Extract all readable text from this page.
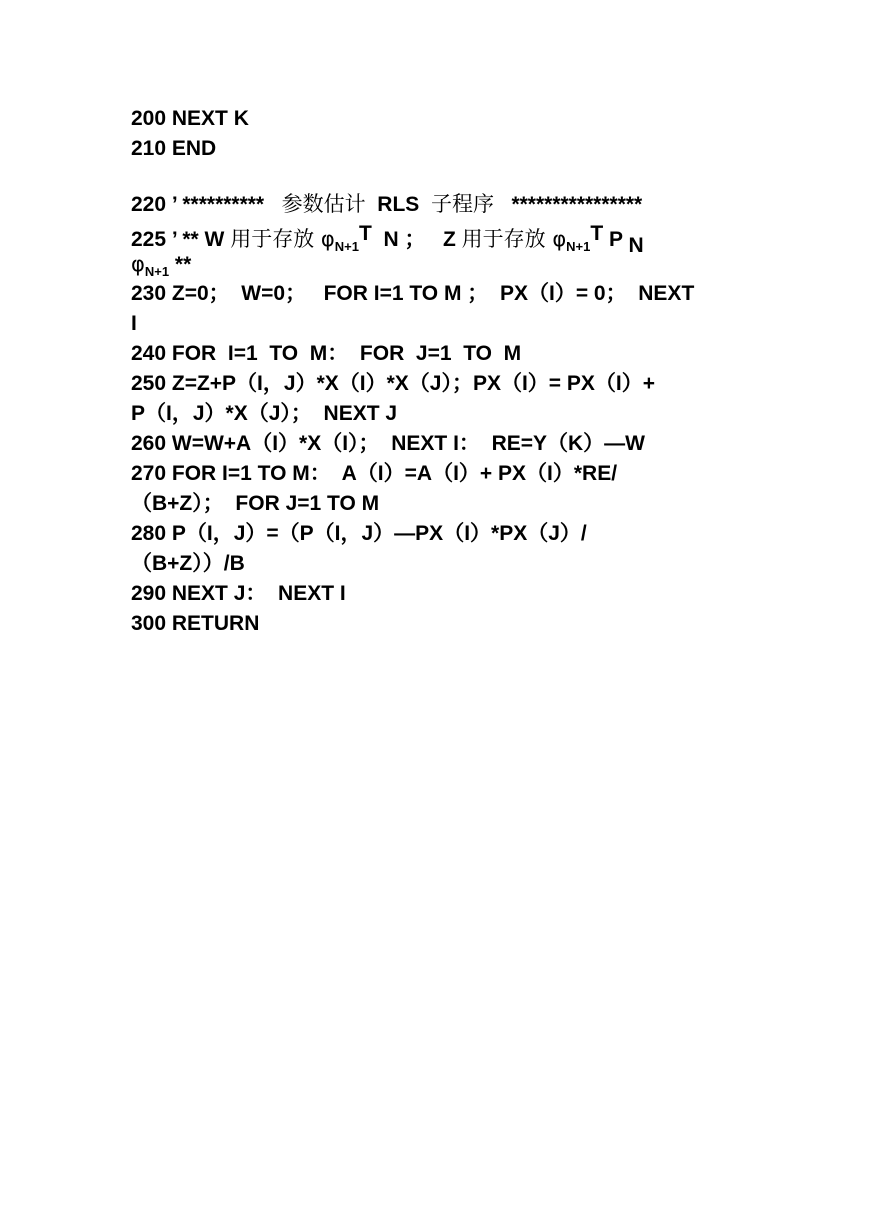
200 NEXT K
210 END
220 ’ **********   参数估计  RLS  子程序   ****************
225 ’ ** W 用于存放 $\varphi_{N+1}T$  N ；   Z 用于存放 $\varphi_{N+1}T$ P N
$\varphi_{N+1}$ **
230 Z=0；  W=0；   FOR I=1 TO M ；  PX（I）= 0；  NEXT
I
240 FOR  I=1  TO  M：  FOR  J=1  TO  M
250 Z=Z+P（I，J）*X（I）*X（J）；PX（I）= PX（I）+
P（I，J）*X（J）；  NEXT J
260 W=W+A（I）*X（I）；  NEXT I：  RE=Y（K）—W
270 FOR I=1 TO M：  A（I）=A（I）+ PX（I）*RE/
（B+Z）；  FOR J=1 TO M
280 P（I，J）=（P（I，J）—PX（I）*PX（J）/
（B+Z））/B
290 NEXT J：  NEXT I
300 RETURN
